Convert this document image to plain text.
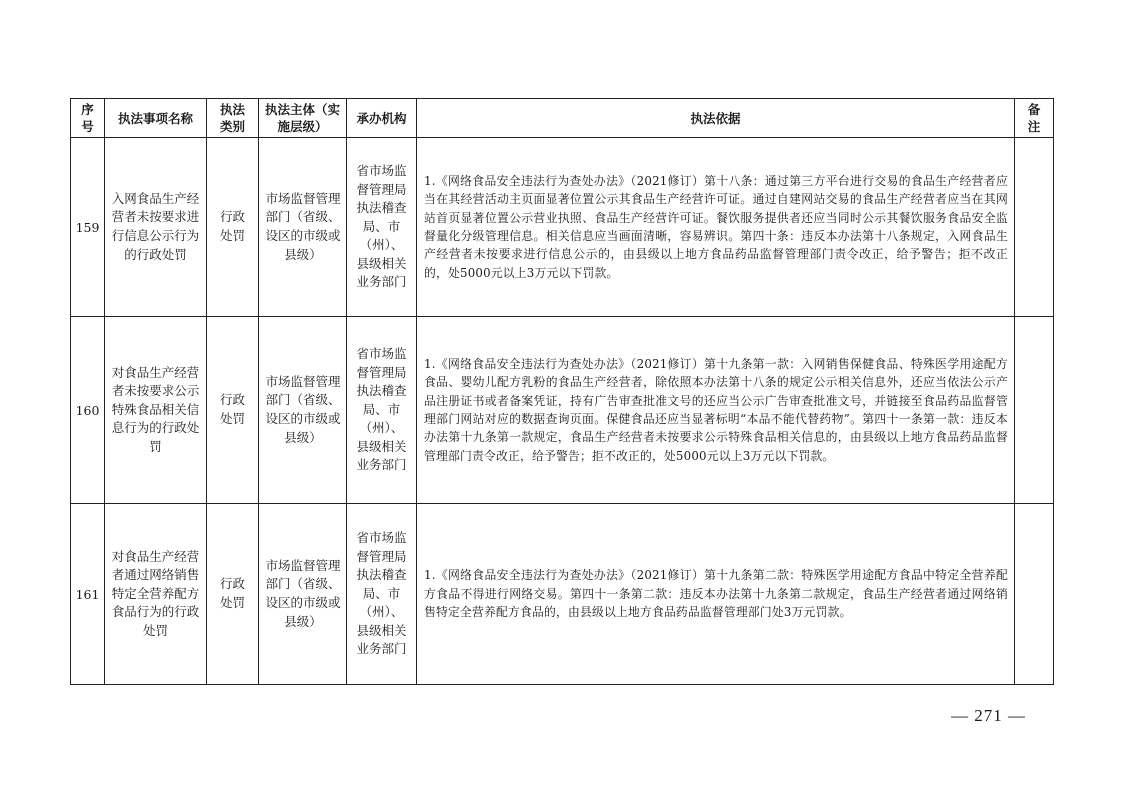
序号	执法事项名称	执法类别	执法主体（实施层级）	承办机构	执法依据	备注

159	入网食品生产经营者未按要求进行信息公示行为的行政处罚	行政处罚	市场监督管理部门（省级、设区的市级或县级）	省市场监督管理局执法稽查局、市（州）、县级相关业务部门	1.《网络食品安全违法行为查处办法》（2021修订）第十八条：通过第三方平台进行交易的食品生产经营者应当在其经营活动主页面显著位置公示其食品生产经营许可证。通过自建网站交易的食品生产经营者应当在其网站首页显著位置公示营业执照、食品生产经营许可证。餐饮服务提供者还应当同时公示其餐饮服务食品安全监督量化分级管理信息。相关信息应当画面清晰，容易辨识。第四十条：违反本办法第十八条规定，入网食品生产经营者未按要求进行信息公示的，由县级以上地方食品药品监督管理部门责令改正，给予警告；拒不改正的，处5000元以上3万元以下罚款。	
160	对食品生产经营者未按要求公示特殊食品相关信息行为的行政处罚	行政处罚	市场监督管理部门（省级、设区的市级或县级）	省市场监督管理局执法稽查局、市（州）、县级相关业务部门	1.《网络食品安全违法行为查处办法》（2021修订）第十九条第一款：入网销售保健食品、特殊医学用途配方食品、婴幼儿配方乳粉的食品生产经营者，除依照本办法第十八条的规定公示相关信息外，还应当依法公示产品注册证书或者备案凭证，持有广告审查批准文号的还应当公示广告审查批准文号，并链接至食品药品监督管理部门网站对应的数据查询页面。保健食品还应当显著标明“本品不能代替药物”。第四十一条第一款：违反本办法第十九条第一款规定，食品生产经营者未按要求公示特殊食品相关信息的，由县级以上地方食品药品监督管理部门责令改正，给予警告；拒不改正的，处5000元以上3万元以下罚款。	
161	对食品生产经营者通过网络销售特定全营养配方食品行为的行政处罚	行政处罚	市场监督管理部门（省级、设区的市级或县级）	省市场监督管理局执法稽查局、市（州）、县级相关业务部门	1.《网络食品安全违法行为查处办法》（2021修订）第十九条第二款：特殊医学用途配方食品中特定全营养配方食品不得进行网络交易。第四十一条第二款：违反本办法第十九条第二款规定，食品生产经营者通过网络销售特定全营养配方食品的，由县级以上地方食品药品监督管理部门处3万元罚款。	
— 271 —
